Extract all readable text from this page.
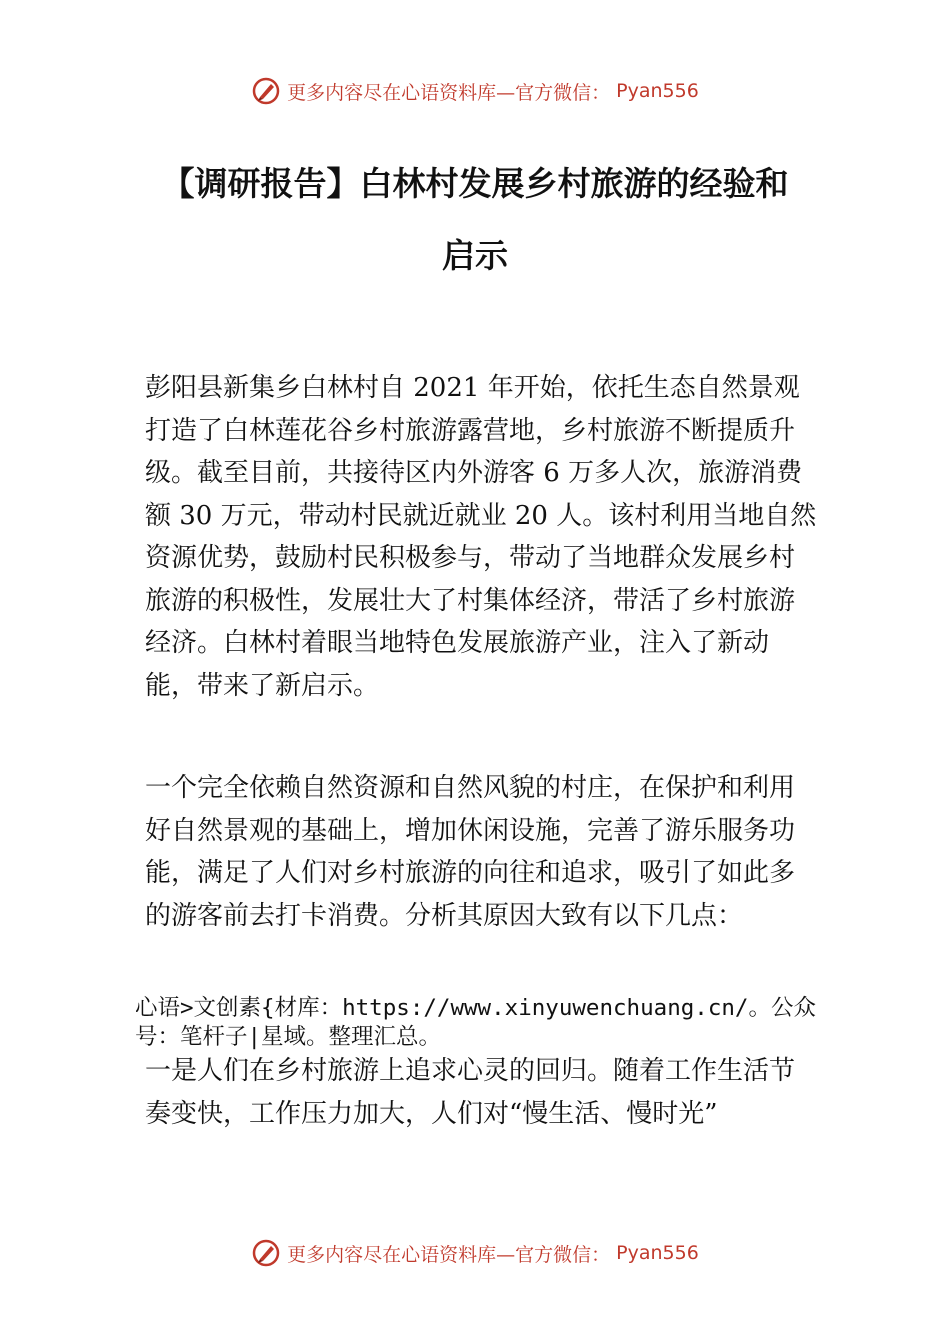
更多内容尽在心语资料库—官方微信： Pyan556
【调研报告】白林村发展乡村旅游的经验和
启示

彭阳县新集乡白林村自 2021 年开始，依托生态自然景观打造了白林莲花谷乡村旅游露营地，乡村旅游不断提质升级。截至目前，共接待区内外游客 6 万多人次，旅游消费额 30 万元，带动村民就近就业 20 人。该村利用当地自然资源优势，鼓励村民积极参与，带动了当地群众发展乡村旅游的积极性，发展壮大了村集体经济，带活了乡村旅游经济。白林村着眼当地特色发展旅游产业，注入了新动能，带来了新启示。

一个完全依赖自然资源和自然风貌的村庄，在保护和利用好自然景观的基础上，增加休闲设施，完善了游乐服务功能，满足了人们对乡村旅游的向往和追求，吸引了如此多的游客前去打卡消费。分析其原因大致有以下几点：

心语>文创素{材库：https://www.xinyuwenchuang.cn/。公众号：笔杆子|星域。整理汇总。

一是人们在乡村旅游上追求心灵的回归。随着工作生活节奏变快，工作压力加大，人们对“慢生活、慢时光”

更多内容尽在心语资料库—官方微信： Pyan556
